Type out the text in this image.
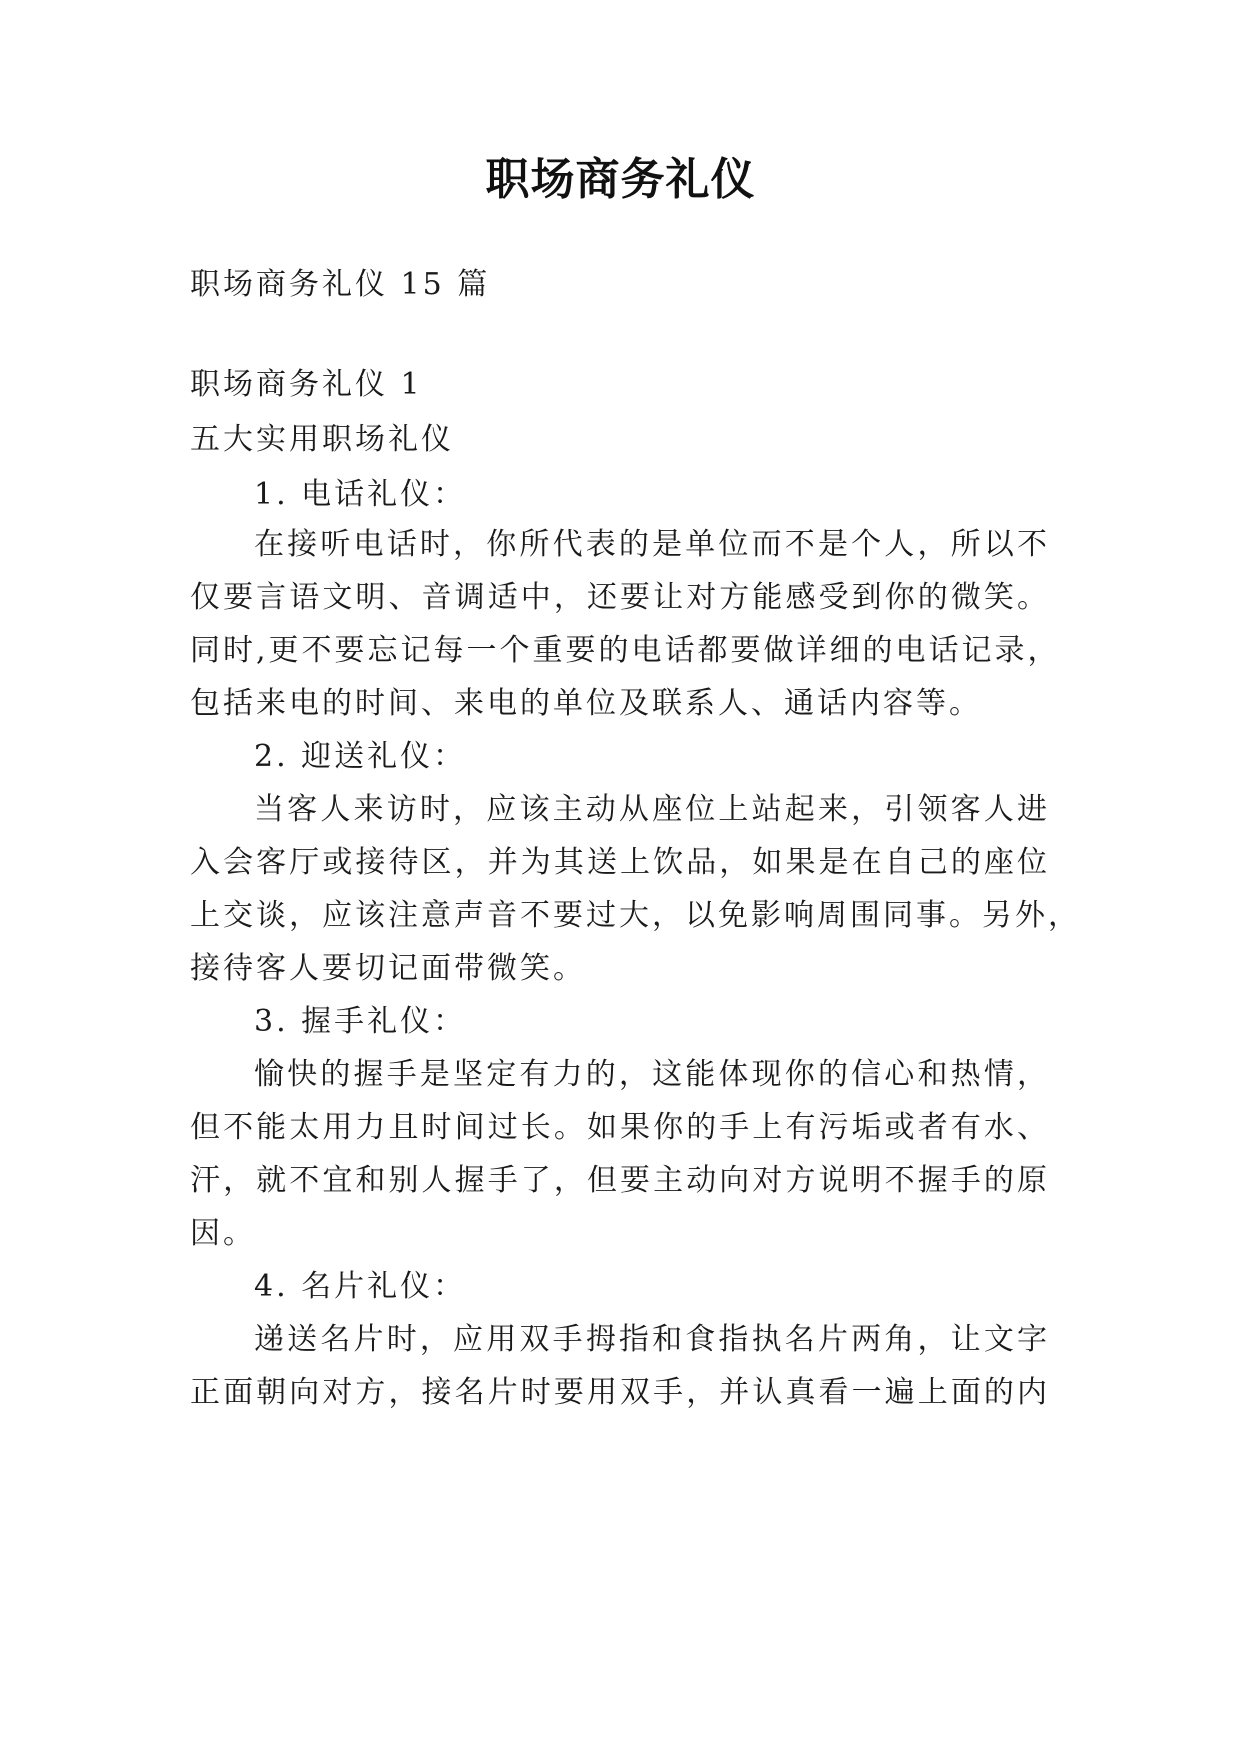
职场商务礼仪
职场商务礼仪 15 篇
职场商务礼仪 1
五大实用职场礼仪
1. 电话礼仪：
在接听电话时，你所代表的是单位而不是个人，所以不
仅要言语文明、音调适中，还要让对方能感受到你的微笑。
同时,更不要忘记每一个重要的电话都要做详细的电话记录，
包括来电的时间、来电的单位及联系人、通话内容等。
2. 迎送礼仪：
当客人来访时，应该主动从座位上站起来，引领客人进
入会客厅或接待区，并为其送上饮品，如果是在自己的座位
上交谈，应该注意声音不要过大，以免影响周围同事。另外，
接待客人要切记面带微笑。
3. 握手礼仪：
愉快的握手是坚定有力的，这能体现你的信心和热情，
但不能太用力且时间过长。如果你的手上有污垢或者有水、
汗，就不宜和别人握手了，但要主动向对方说明不握手的原
因。
4. 名片礼仪：
递送名片时，应用双手拇指和食指执名片两角，让文字
正面朝向对方，接名片时要用双手，并认真看一遍上面的内
